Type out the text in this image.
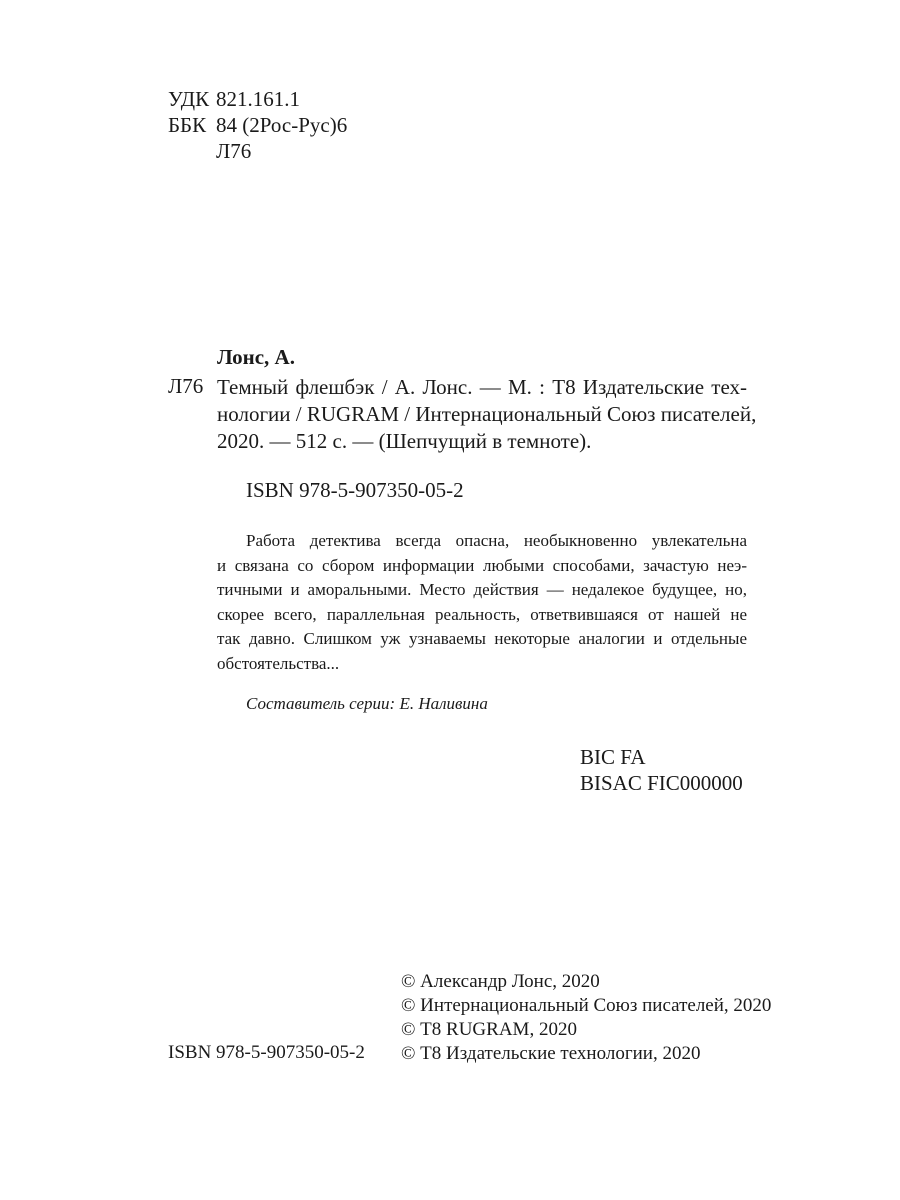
УДК 821.161.1
ББК 84 (2Рос-Рус)6
Л76
Лонс, А.
Л76 Темный флешбэк / А. Лонс. — М. : Т8 Издательские тех-
нологии / RUGRAM / Интернациональный Союз писателей,
2020. — 512 с. — (Шепчущий в темноте).
ISBN 978-5-907350-05-2
Работа детектива всегда опасна, необыкновенно увлекательна
и связана со сбором информации любыми способами, зачастую неэ-
тичными и аморальными. Место действия — недалекое будущее, но,
скорее всего, параллельная реальность, ответвившаяся от нашей не
так давно. Слишком уж узнаваемы некоторые аналогии и отдельные
обстоятельства...
Составитель серии: Е. Наливина
BIC FA
BISAC FIC000000
© Александр Лонс, 2020
© Интернациональный Союз писателей, 2020
© Т8 RUGRAM, 2020
© Т8 Издательские технологии, 2020
ISBN 978-5-907350-05-2
